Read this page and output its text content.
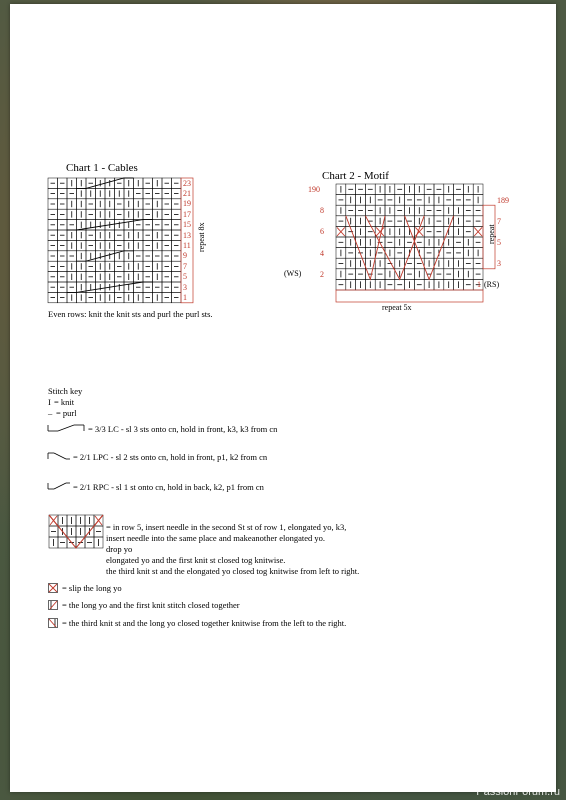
Chart 1 - Cables
23
21
19
17
15
13
11
9
7
5
3
1
repeat 8x
Even rows: knit the knit sts and purl the purl sts.
Chart 2 - Motif
190
8
6
4
2
189
7
5
3
(WS)
1 (RS)
repeat
repeat 5x
Stitch key
I = knit
– = purl
= 3/3 LC - sl 3 sts onto cn, hold in front, k3, k3 from cn
= 2/1 LPC - sl 2 sts onto cn, hold in front, p1, k2 from cn
= 2/1 RPC - sl 1 st onto cn, hold in back, k2, p1 from cn
= in row 5, insert needle in the second St st of row 1, elongated yo, k3,
insert needle into the same place and makeanother elongated yo.
drop yo
elongated yo and the first knit st closed tog knitwise.
the third knit st and the elongated yo closed tog knitwise from left to right.
= slip the long yo
= the long yo and the first knit stitch closed together
= the third knit st and the long yo closed together knitwise from the left to the right.
PassionForum.ru
